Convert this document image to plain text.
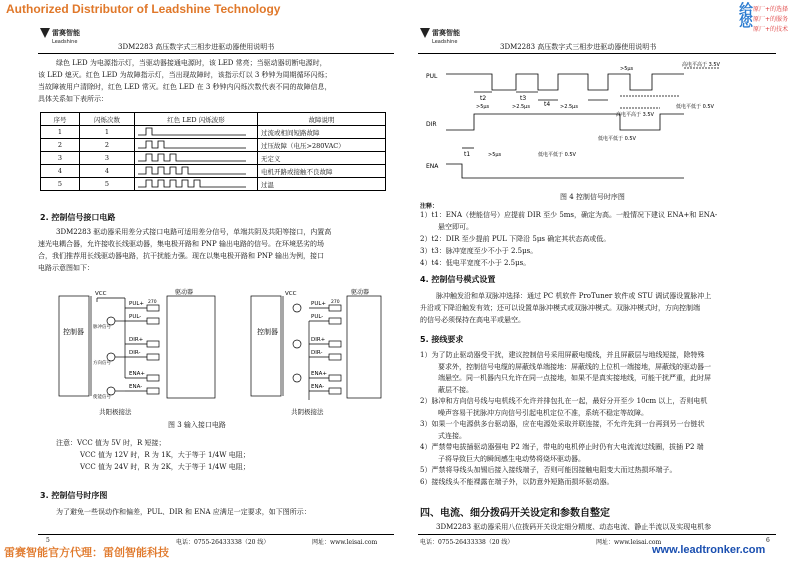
Authorized Distributor of Leadshine Technology	给您 原厂+的选择
原厂+的服务
原厂+的技术
雷赛智能
Leadshine
3DM2283 高压数字式三相步进驱动器使用说明书
绿色 LED 为电源指示灯，当驱动器接通电源时，该 LED 常亮；当驱动器切断电源时，
该 LED 熄灭。红色 LED 为故障指示灯，当出现故障时，该指示灯以 3 秒钟为周期循环闪烁；
当故障被用户清除时，红色 LED 常灭。红色 LED 在 3 秒钟内闪烁次数代表不同的故障信息，
具体关系如下表所示：
序号	闪烁次数	红色 LED 闪烁波形	故障说明
1	1		过流或相间短路故障
2	2		过压故障（电压>280VAC）
3	3		无定义
4	4		电机开路或接触不良故障
5	5		过温
2. 控制信号接口电路
3DM2283 驱动器采用差分式接口电路可适用差分信号，单端共阴及共阳等接口，内置高
速光电耦合器，允许接收长线驱动器，集电极开路和 PNP 输出电路的信号。在环境恶劣的场
合，我们推荐用长线驱动器电路，抗干扰能力强。现在以集电极开路和 PNP 输出为例，接口
电路示意图如下：
VCC
控制器
驱动器
PUL+
PUL-
DIR+
DIR-
ENA+
ENA-
270
脉冲信号
方向信号
使能信号
控制器
驱动器
VCC
PUL+
PUL-
DIR+
DIR-
ENA+
ENA-
270
共阳极接法	共阴极接法
图 3 输入接口电路
注意：VCC 值为 5V 时，R 短接；
VCC 值为 12V 时，R 为 1K，大于等于 1/4W 电阻；
VCC 值为 24V 时，R 为 2K，大于等于 1/4W 电阻；
3. 控制信号时序图
为了避免一些误动作和偏差，PUL、DIR 和 ENA 应满足一定要求，如下图所示：
5	电话：0755-26433338（20 线）	网址：www.leisai.com
雷赛智能
Leadshine
3DM2283 高压数字式三相步进驱动器使用说明书
PUL
DIR
ENA
t2	t3
t4
t1
>5μs	>2.5μs	>2.5μs
>5μs
>5μs
高电平高于 3.5V
低电平低于 0.5V
高电平高于 3.5V
低电平低于 0.5V
低电平低于 0.5V
图 4 控制信号时序图
注释：
1）t1：ENA（使能信号）应提前 DIR 至少 5ms，确定为高。一般情况下建议 ENA+和 ENA-
悬空即可。
2）t2：DIR 至少提前 PUL 下降沿 5μs 确定其状态高或低。
3）t3：脉冲宽度至少不小于 2.5μs。
4）t4：低电平宽度不小于 2.5μs。
4. 控制信号模式设置
脉冲触发沿和单双脉冲选择：通过 PC 机软件 ProTuner 软件或 STU 调试器设置脉冲上
升沿或下降沿触发有效；还可以设置单脉冲模式或双脉冲模式。双脉冲模式时，方向控制端
的信号必须保持在高电平或悬空。
5. 接线要求
1）为了防止驱动器受干扰，建议控制信号采用屏蔽电缆线，并且屏蔽层与地线短接，除特殊
要求外，控制信号电缆的屏蔽线单端接地：屏蔽线的上位机一端接地，屏蔽线的驱动器一
端悬空。同一机器内只允许在同一点接地，如果不是真实接地线，可能干扰严重，此时屏
蔽层不接。
2）脉冲和方向信号线与电机线不允许并排包扎在一起，最好分开至少 10cm 以上，否则电机
噪声容易干扰脉冲方向信号引起电机定位不准，系统不稳定等故障。
3）如果一个电源供多台驱动器，应在电源处采取并联连接，不允许先到一台再到另一台链状
式连接。
4）严禁带电拔插驱动器强电 P2 端子，带电的电机停止时仍有大电流流过线圈，拔插 P2 端
子将导致巨大的瞬间感生电动势将烧坏驱动器。
5）严禁将导线头加锡后接入接线端子，否则可能因接触电阻变大而过热损坏端子。
6）接线线头不能裸露在端子外，以防意外短路而损坏驱动器。
四、电流、细分拨码开关设定和参数自整定
3DM2283 驱动器采用八位拨码开关设定细分精度、动态电流、静止半流以及实现电机参
电话：0755-26433338（20 线）	网址：www.leisai.com	6
雷赛智能官方代理：雷创智能科技	www.leadtronker.com
